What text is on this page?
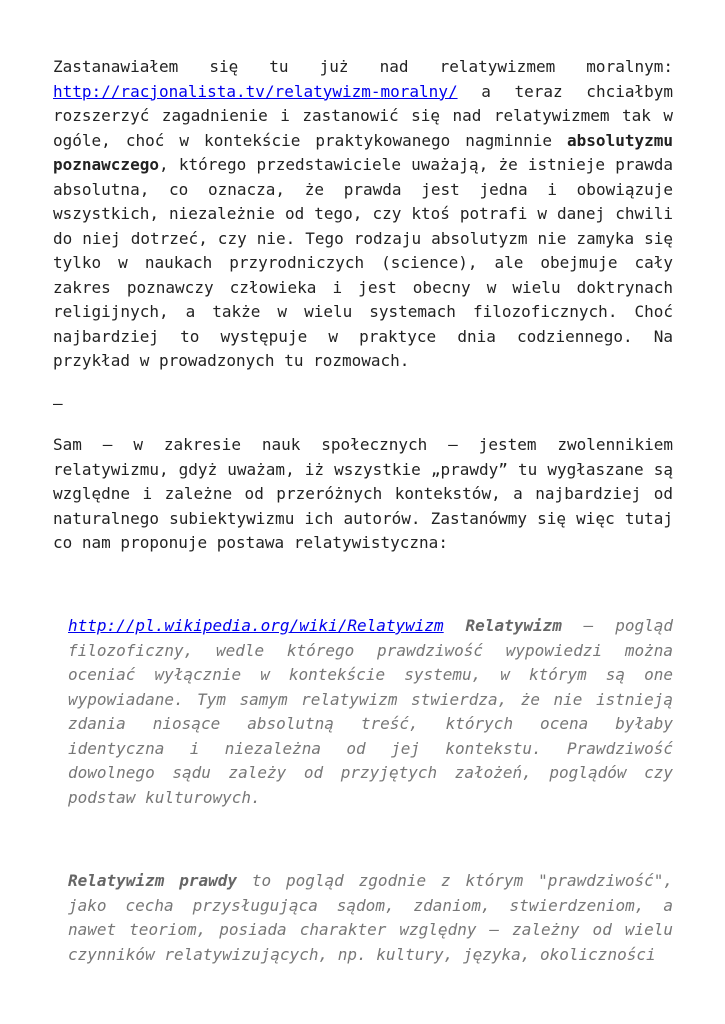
Zastanawiałem się tu już nad relatywizmem moralnym: http://racjonalista.tv/relatywizm-moralny/ a teraz chciałbym rozszerzyć zagadnienie i zastanowić się nad relatywizmem tak w ogóle, choć w kontekście praktykowanego nagminnie absolutyzmu poznawczego, którego przedstawiciele uważają, że istnieje prawda absolutna, co oznacza, że prawda jest jedna i obowiązuje wszystkich, niezależnie od tego, czy ktoś potrafi w danej chwili do niej dotrzeć, czy nie. Tego rodzaju absolutyzm nie zamyka się tylko w naukach przyrodniczych (science), ale obejmuje cały zakres poznawczy człowieka i jest obecny w wielu doktrynach religijnych, a także w wielu systemach filozoficznych. Choć najbardziej to występuje w praktyce dnia codziennego. Na przykład w prowadzonych tu rozmowach.

–

Sam – w zakresie nauk społecznych – jestem zwolennikiem relatywizmu, gdyż uważam, iż wszystkie „prawdy” tu wygłaszane są względne i zależne od przeróżnych kontekstów, a najbardziej od naturalnego subiektywizmu ich autorów. Zastanówmy się więc tutaj co nam proponuje postawa relatywistyczna:

http://pl.wikipedia.org/wiki/Relatywizm Relatywizm – pogląd filozoficzny, wedle którego prawdziwość wypowiedzi można oceniać wyłącznie w kontekście systemu, w którym są one wypowiadane. Tym samym relatywizm stwierdza, że nie istnieją zdania niosące absolutną treść, których ocena byłaby identyczna i niezależna od jej kontekstu. Prawdziwość dowolnego sądu zależy od przyjętych założeń, poglądów czy podstaw kulturowych.

Relatywizm prawdy to pogląd zgodnie z którym "prawdziwość", jako cecha przysługująca sądom, zdaniom, stwierdzeniom, a nawet teoriom, posiada charakter względny – zależny od wielu czynników relatywizujących, np. kultury, języka, okoliczności
